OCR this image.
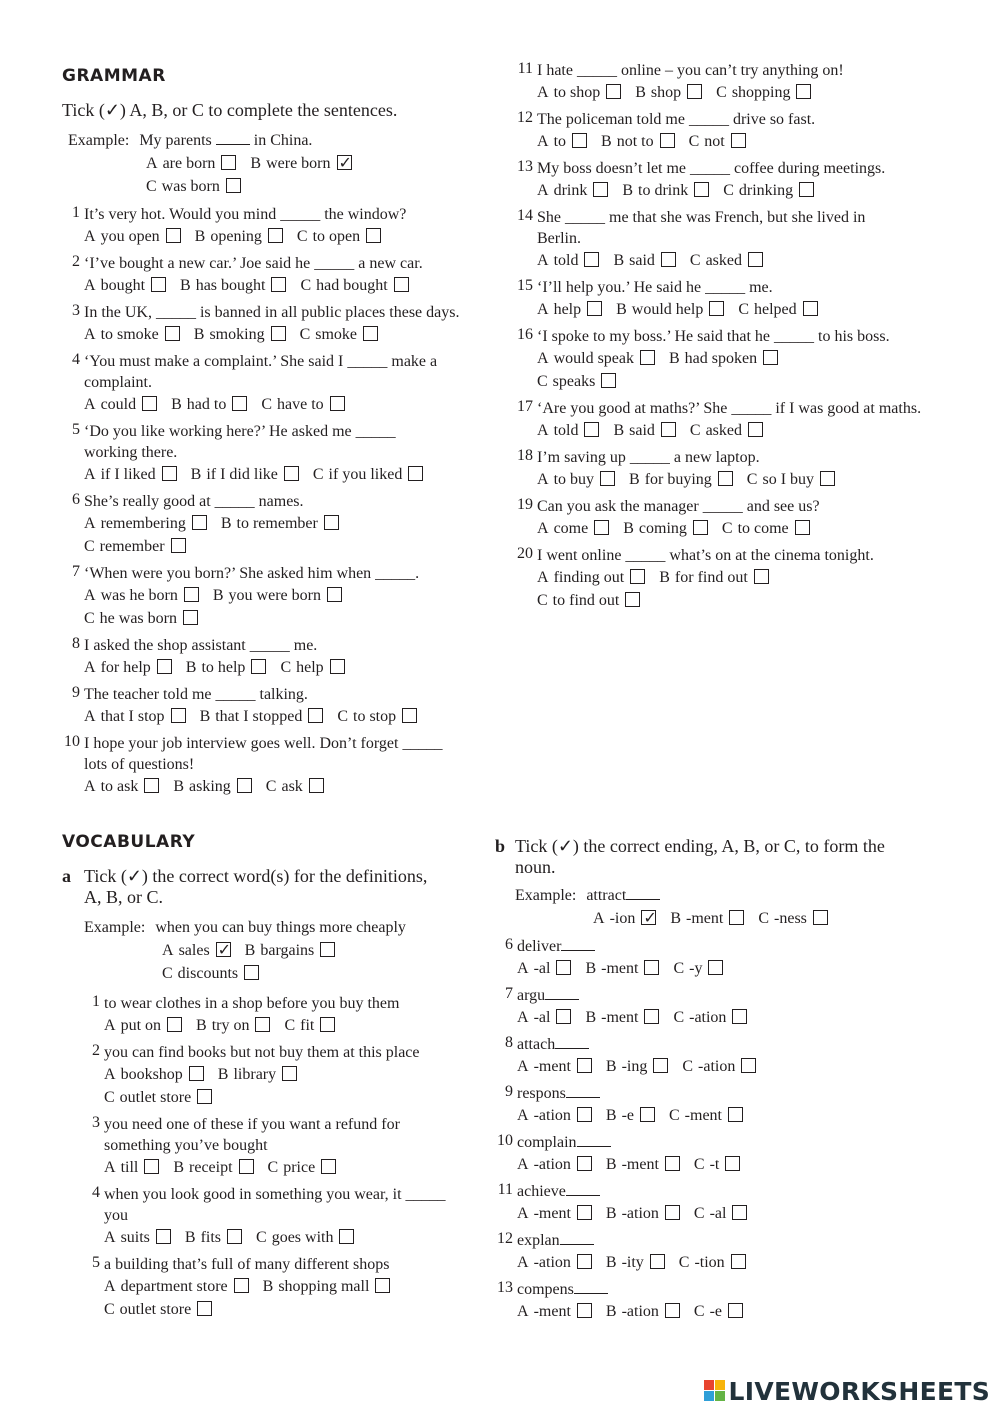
GRAMMAR
Tick (✓) A, B, or C to complete the sentences.
Example: My parents	in China.
A are born B were born✓
C was born
1 It’s very hot. Would you mind _____ the window?
A you open B opening C to open
2 ‘I’ve bought a new car.’ Joe said he _____ a new car.
A bought B has bought C had bought
3 In the UK, _____ is banned in all public places these days.
A to smoke B smoking C smoke
4 ‘You must make a complaint.’ She said I _____ make a
complaint.
A could B had to C have to
5 ‘Do you like working here?’ He asked me _____
working there.
A if I liked B if I did like C if you liked
6 She’s really good at _____ names.
A remembering B to remember
C remember
7 ‘When were you born?’ She asked him when _____.
A was he born B you were born
C he was born
8 I asked the shop assistant _____ me.
A for help B to help C help
9 The teacher told me _____ talking.
A that I stop B that I stopped C to stop
10 I hope your job interview goes well. Don’t forget _____
lots of questions!
A to ask B asking C ask
11 I hate _____ online – you can’t try anything on!
A to shop B shop C shopping
12 The policeman told me _____ drive so fast.
A to B not to C not
13 My boss doesn’t let me _____ coffee during meetings.
A drink B to drink C drinking
14 She _____ me that she was French, but she lived in
Berlin.
A told B said C asked
15 ‘I’ll help you.’ He said he _____ me.
A help B would help C helped
16 ‘I spoke to my boss.’ He said that he _____ to his boss.
A would speak B had spoken
C speaks
17 ‘Are you good at maths?’ She _____ if I was good at maths.
A told B said C asked
18 I’m saving up _____ a new laptop.
A to buy B for buying C so I buy
19 Can you ask the manager _____ and see us?
A come B coming C to come
20 I went online _____ what’s on at the cinema tonight.
A finding out B for find out
C to find out
VOCABULARY
a Tick (✓) the correct word(s) for the definitions,
A, B, or C.
Example: when you can buy things more cheaply
A sales ✓ B bargains
C discounts
1 to wear clothes in a shop before you buy them
A put on B try on C fit
2 you can find books but not buy them at this place
A bookshop B library
C outlet store
3 you need one of these if you want a refund for
something you’ve bought
A till B receipt C price
4 when you look good in something you wear, it _____
you
A suits B fits C goes with
5 a building that’s full of many different shops
A department store B shopping mall
C outlet store
b Tick (✓) the correct ending, A, B, or C, to form the
noun.
Example: attract
A -ion ✓ B -ment C -ness
6 deliver
A -al B -ment C -y
7 argu
A -al B -ment C -ation
8 attach
A -ment B -ing C -ation
9 respons
A -ation B -e C -ment
10 complain
A -ation B -ment C -t
11 achieve
A -ment B -ation C -al
12 explan
A -ation B -ity C -tion
13 compens
A -ment B -ation C -e
LIVEWORKSHEETS
